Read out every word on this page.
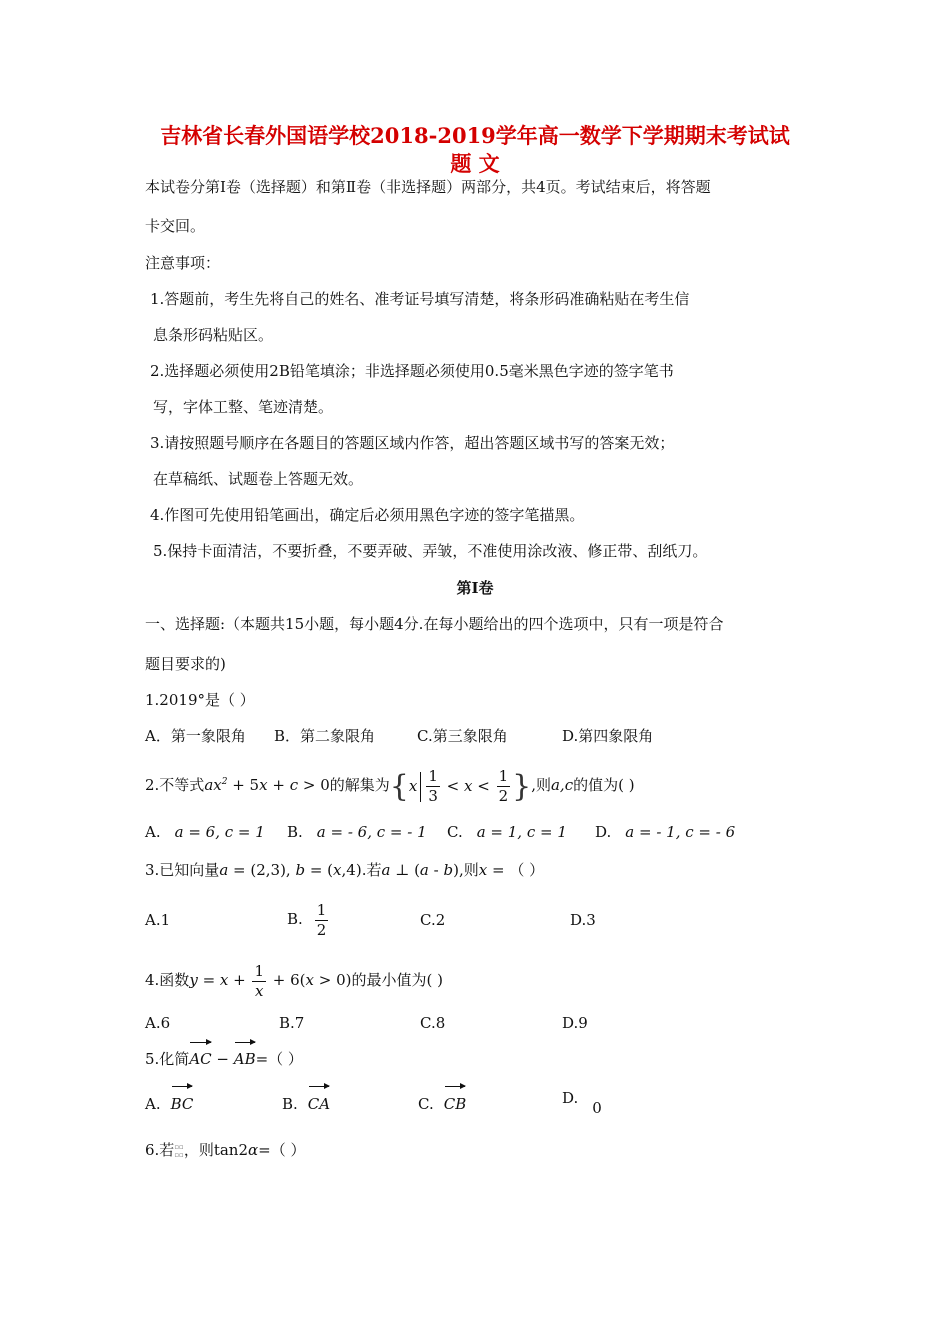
吉林省长春外国语学校2018-2019学年高一数学下学期期末考试试
题 文

本试卷分第Ⅰ卷（选择题）和第Ⅱ卷（非选择题）两部分，共4页。考试结束后，将答题

卡交回。

注意事项：

1.答题前，考生先将自己的姓名、准考证号填写清楚，将条形码准确粘贴在考生信

息条形码粘贴区。

2.选择题必须使用2B铅笔填涂；非选择题必须使用0.5毫米黑色字迹的签字笔书

写，字体工整、笔迹清楚。

3.请按照题号顺序在各题目的答题区域内作答，超出答题区域书写的答案无效；

在草稿纸、试题卷上答题无效。

4.作图可先使用铅笔画出，确定后必须用黑色字迹的签字笔描黑。

5.保持卡面清洁，不要折叠，不要弄破、弄皱，不准使用涂改液、修正带、刮纸刀。

第Ⅰ卷

一、选择题:（本题共15小题，每小题4分.在每小题给出的四个选项中，只有一项是符合

题目要求的)

1.2019°是（ ）

A．第一象限角 B．第二象限角	C.第三象限角	D.第四象限角
2.不等式$ax^2 + 5x + c > 0$的解集为{$x \frac{1}{3} < x < \frac{1}{2}$ },则a,c的值为( )
A. a = 6, c = 1 B. a = - 6, c = - 1 C. a = 1, c = 1 D. a = - 1, c = - 6
3.已知向量a = (2,3), b = (x,4).若a ⊥ (a - b),则x = （ ）
A.1	B. $\frac{1}{2}$	C.2	D.3
4.函数$y = x + \frac{1}{x} + 6(x > 0)$的最小值为( )
A.6	B.7	C.8	D.9
5.化简AC − AB=（ ）
A. BC	B. CA	C. CB	D.0
6.若▫▫
▫▫，则tan2α=（ ）
